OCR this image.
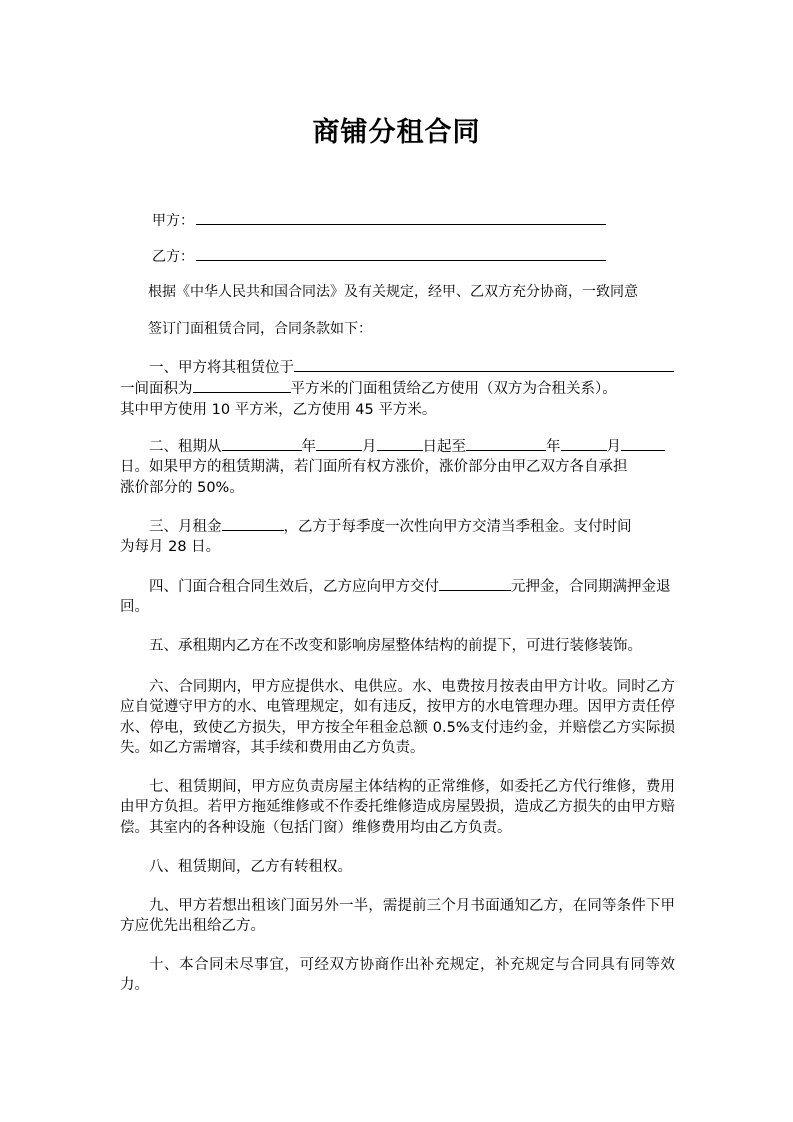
商铺分租合同
甲方：
乙方：
根据《中华人民共和国合同法》及有关规定，经甲、乙双方充分协商，一致同意
签订门面租赁合同，合同条款如下：
一、甲方将其租赁位于
一间面积为	平方米的门面租赁给乙方使用（双方为合租关系）。
其中甲方使用 10 平方米，乙方使用 45 平方米。
二、租期从	年	月	日起至	年	月
日。如果甲方的租赁期满，若门面所有权方涨价，涨价部分由甲乙双方各自承担
涨价部分的 50%。
三、月租金	，乙方于每季度一次性向甲方交清当季租金。支付时间
为每月 28 日。
四、门面合租合同生效后，乙方应向甲方交付	元押金，合同期满押金退
回。
五、承租期内乙方在不改变和影响房屋整体结构的前提下，可进行装修装饰。
六、合同期内，甲方应提供水、电供应。水、电费按月按表由甲方计收。同时乙方应自觉遵守甲方的水、电管理规定，如有违反，按甲方的水电管理办理。因甲方责任停水、停电，致使乙方损失，甲方按全年租金总额 0.5%支付违约金，并赔偿乙方实际损失。如乙方需增容，其手续和费用由乙方负责。
七、租赁期间，甲方应负责房屋主体结构的正常维修，如委托乙方代行维修，费用由甲方负担。若甲方拖延维修或不作委托维修造成房屋毁损，造成乙方损失的由甲方赔偿。其室内的各种设施（包括门窗）维修费用均由乙方负责。
八、租赁期间，乙方有转租权。
九、甲方若想出租该门面另外一半，需提前三个月书面通知乙方，在同等条件下甲方应优先出租给乙方。
十、本合同未尽事宜，可经双方协商作出补充规定，补充规定与合同具有同等效力。
